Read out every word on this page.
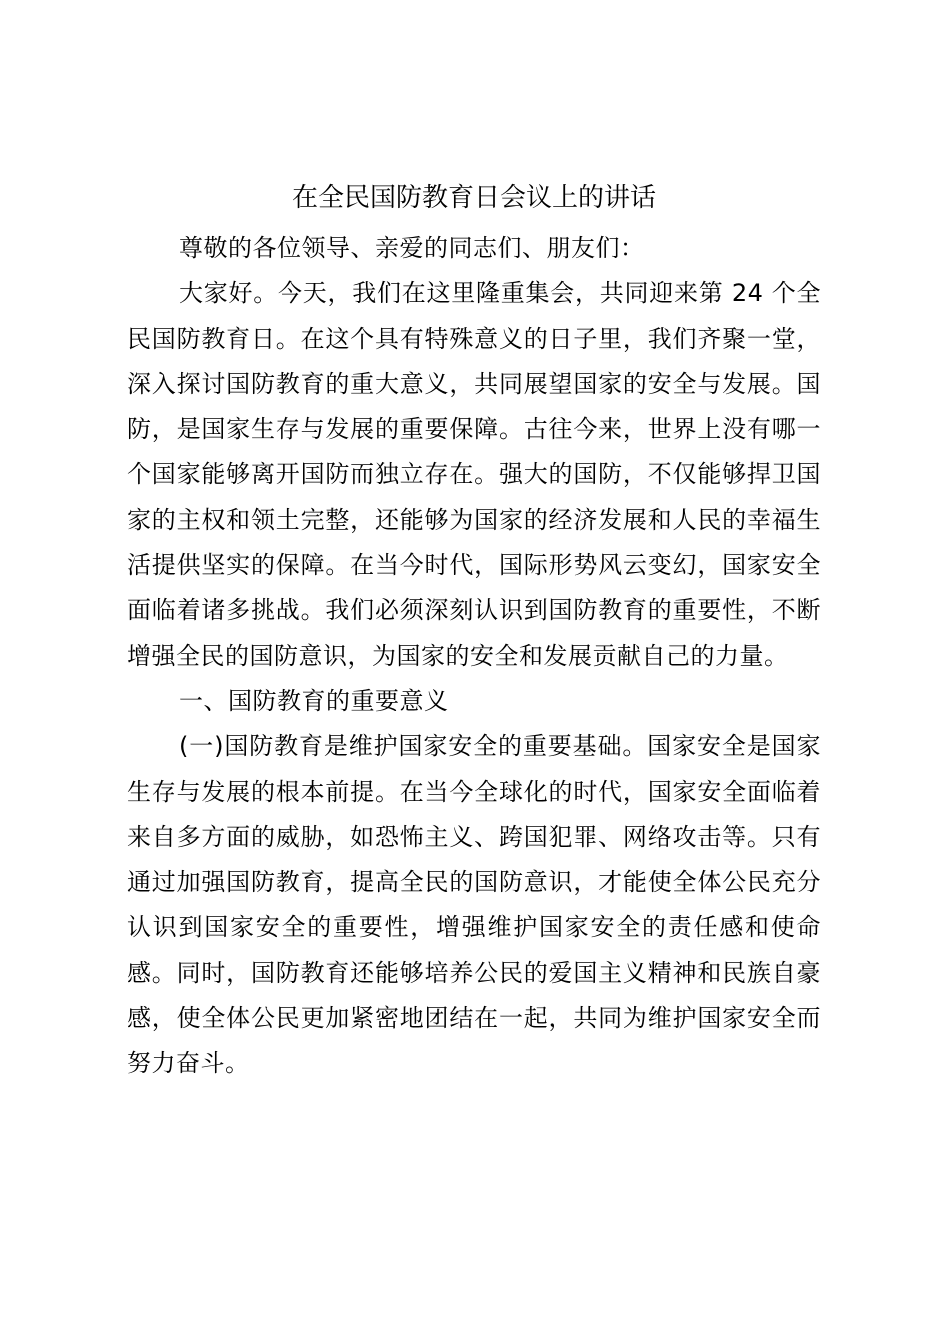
在全民国防教育日会议上的讲话

尊敬的各位领导、亲爱的同志们、朋友们：

大家好。今天，我们在这里隆重集会，共同迎来第 24 个全民国防教育日。在这个具有特殊意义的日子里，我们齐聚一堂，深入探讨国防教育的重大意义，共同展望国家的安全与发展。国防，是国家生存与发展的重要保障。古往今来，世界上没有哪一个国家能够离开国防而独立存在。强大的国防，不仅能够捍卫国家的主权和领土完整，还能够为国家的经济发展和人民的幸福生活提供坚实的保障。在当今时代，国际形势风云变幻，国家安全面临着诸多挑战。我们必须深刻认识到国防教育的重要性，不断增强全民的国防意识，为国家的安全和发展贡献自己的力量。

一、国防教育的重要意义

(一)国防教育是维护国家安全的重要基础。国家安全是国家生存与发展的根本前提。在当今全球化的时代，国家安全面临着来自多方面的威胁，如恐怖主义、跨国犯罪、网络攻击等。只有通过加强国防教育，提高全民的国防意识，才能使全体公民充分认识到国家安全的重要性，增强维护国家安全的责任感和使命感。同时，国防教育还能够培养公民的爱国主义精神和民族自豪感，使全体公民更加紧密地团结在一起，共同为维护国家安全而努力奋斗。
